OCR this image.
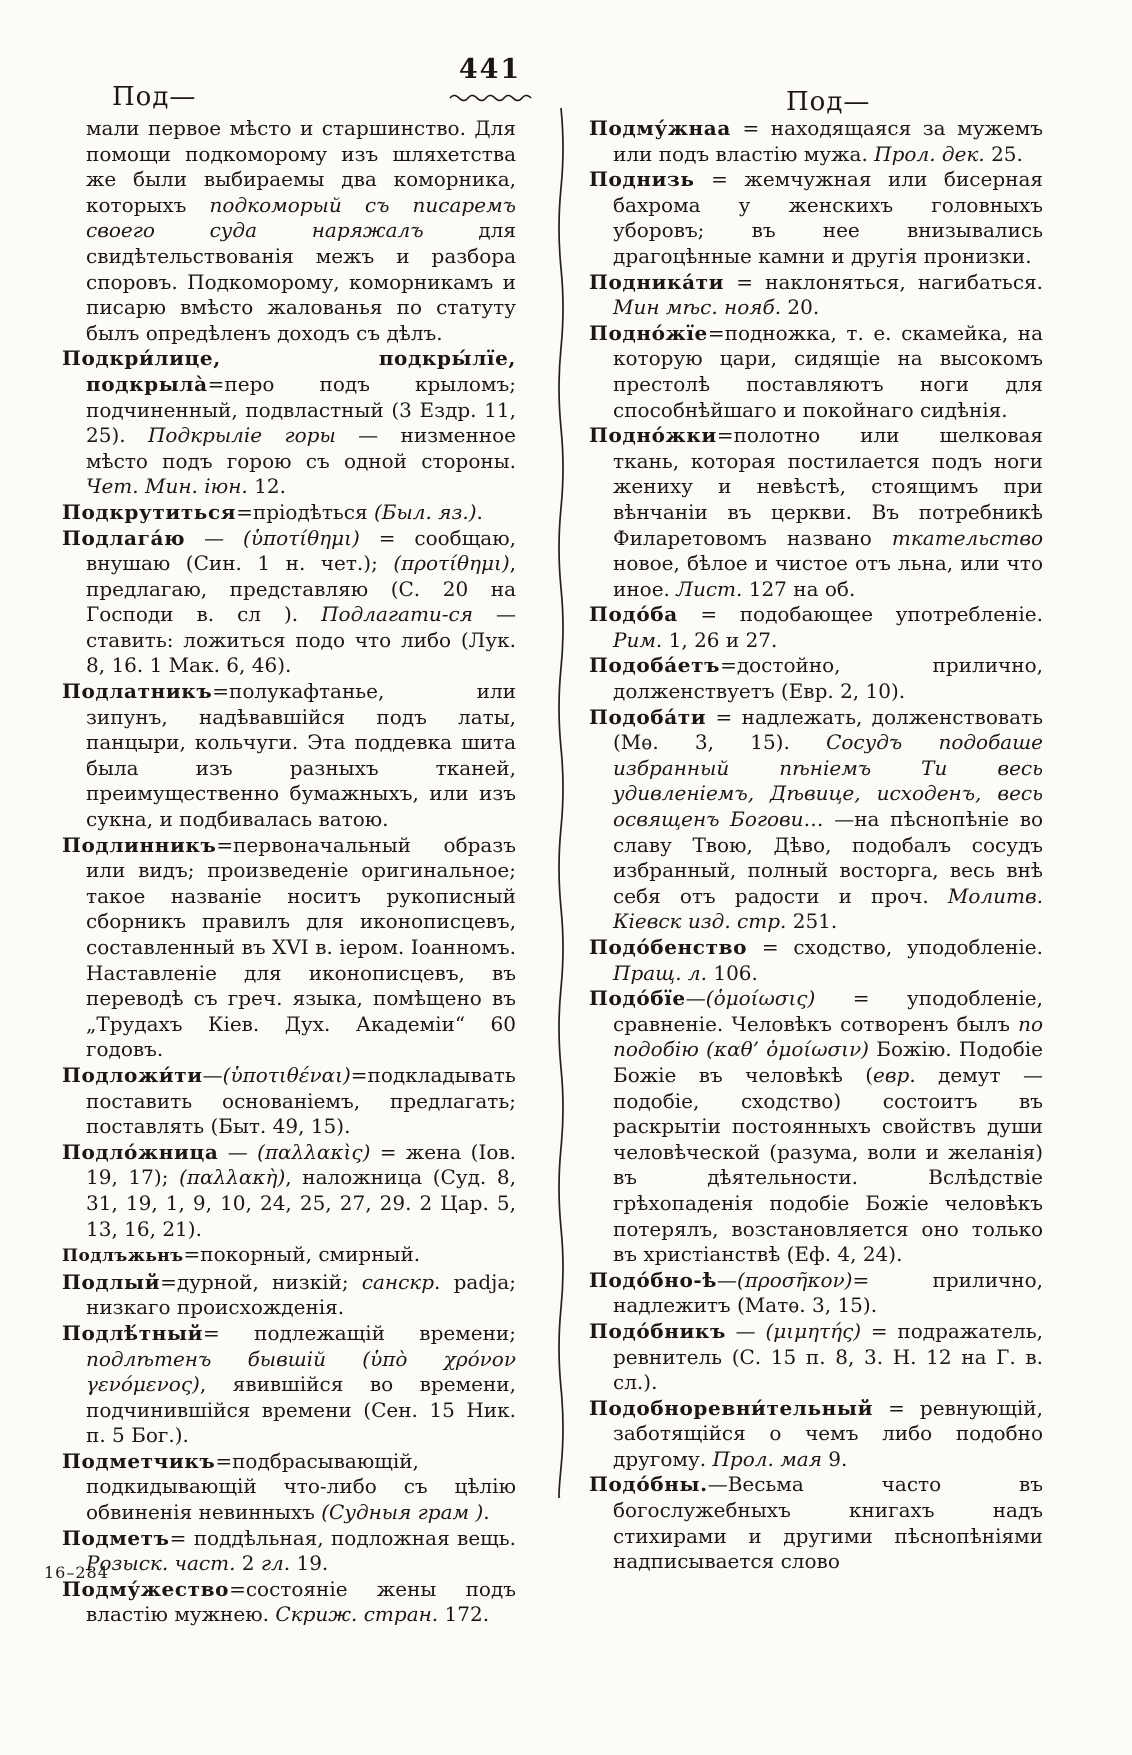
441
Под—	Под—

мали первое мѣсто и старшинство. Для помощи подкоморому изъ шляхетства же были выбираемы два коморника, которыхъ подкоморый съ писаремъ своего суда наряжалъ для свидѣтельствованія межъ и разбора споровъ. Подкоморому, коморникамъ и писарю вмѣсто жалованья по статуту былъ опредѣленъ доходъ съ дѣлъ.

Подкри́лице, подкры́лїе, подкрыла̀=перо подъ крыломъ; подчиненный, подвластный (3 Ездр. 11, 25). Подкрыліе горы — низменное мѣсто подъ горою съ одной стороны. Чет. Мин. іюн. 12.

Подкрутиться=пріодѣться (Был. яз.).

Подлага́ю — (ὑποτίθημι) = сообщаю, внушаю (Син. 1 н. чет.); (προτίθημι), предлагаю, представляю (С. 20 на Господи в. сл ). Подлагати-ся — ставить: ложиться подо что либо (Лук. 8, 16. 1 Мак. 6, 46).

Подлатникъ=полукафтанье, или зипунъ, надѣвавшійся подъ латы, панцыри, кольчуги. Эта поддевка шита была изъ разныхъ тканей, преимущественно бумажныхъ, или изъ сукна, и подбивалась ватою.

Подлинникъ=первоначальный образъ или видъ; произведеніе оригинальное; такое названіе носитъ рукописный сборникъ правилъ для иконописцевъ, составленный въ XVI в. іером. Іоанномъ. Наставленіе для иконописцевъ, въ переводѣ съ греч. языка, помѣщено въ „Трудахъ Кіев. Дух. Академіи“ 60 годовъ.

Подложи́ти—(ὑποτιθέναι)=подкладывать поставить основаніемъ, предлагать; поставлять (Быт. 49, 15).

Подло́жница — (παλλακὶς) = жена (Іов. 19, 17); (παλλακὴ), наложница (Суд. 8, 31, 19, 1, 9, 10, 24, 25, 27, 29. 2 Цар. 5, 13, 16, 21).

Подлъжьнъ=покорный, смирный.

Подлый=дурной, низкій; санскр. padja; низкаго происхожденія.

Подлѣ́тный= подлежащій времени; подлѣтенъ бывшій (ὑπὸ χρόνον γενόμενος), явившійся во времени, подчинившійся времени (Сен. 15 Ник. п. 5 Бог.).

Подметчикъ=подбрасывающій, подкидывающій что-либо съ цѣлію обвиненія невинныхъ (Судныя грам ).

Подметъ= поддѣльная, подложная вещь. Розыск. част. 2 гл. 19.

Подму́жество=состояніе жены подъ властію мужнею. Скриж. стран. 172.

Подму́жнаа = находящаяся за мужемъ или подъ властію мужа. Прол. дек. 25.

Поднизь = жемчужная или бисерная бахрома у женскихъ головныхъ уборовъ; въ нее внизывались драгоцѣнные камни и другія пронизки.

Подника́ти = наклоняться, нагибаться. Мин мѣс. нояб. 20.

Подно́жїе=подножка, т. е. скамейка, на которую цари, сидящіе на высокомъ престолѣ поставляютъ ноги для способнѣйшаго и покойнаго сидѣнія.

Подно́жки=полотно или шелковая ткань, которая постилается подъ ноги жениху и невѣстѣ, стоящимъ при вѣнчаніи въ церкви. Въ потребникѣ Филаретовомъ названо ткательство новое, бѣлое и чистое отъ льна, или что иное. Лист. 127 на об.

Подо́ба = подобающее употребленіе. Рим. 1, 26 и 27.

Подоба́етъ=достойно, прилично, долженствуетъ (Евр. 2, 10).

Подоба́ти = надлежать, долженствовать (Мѳ. 3, 15). Сосудъ подобаше избранный пѣніемъ Ти весь удивленіемъ, Дѣвице, исходенъ, весь освященъ Богови… —на пѣснопѣніе во славу Твою, Дѣво, подобалъ сосудъ избранный, полный восторга, весь внѣ себя отъ радости и проч. Молитв. Кіевск изд. стр. 251.

Подо́бенство = сходство, уподобленіе. Пращ. л. 106.

Подо́бїе—(ὁμοίωσις) = уподобленіе, сравненіе. Человѣкъ сотворенъ былъ по подобію (καθ’ ὁμοίωσιν) Божію. Подобіе Божіе въ человѣкѣ (евр. демут — подобіе, сходство) состоитъ въ раскрытіи постоянныхъ свойствъ души человѣческой (разума, воли и желанія) въ дѣятельности. Вслѣдствіе грѣхопаденія подобіе Божіе человѣкъ потерялъ, возстановляется оно только въ христіанствѣ (Еф. 4, 24).

Подо́бно-ѣ—(προσῆκον)= прилично, надлежитъ (Матѳ. 3, 15).

Подо́бникъ — (μιμητής) = подражатель, ревнитель (С. 15 п. 8, 3. Н. 12 на Г. в. сл.).

Подобноревни́тельный = ревнующій, заботящійся о чемъ либо подобно другому. Прол. мая 9.

Подо́бны.—Весьма часто въ богослужебныхъ книгахъ надъ стихирами и другими пѣснопѣніями надписывается слово

16–284
